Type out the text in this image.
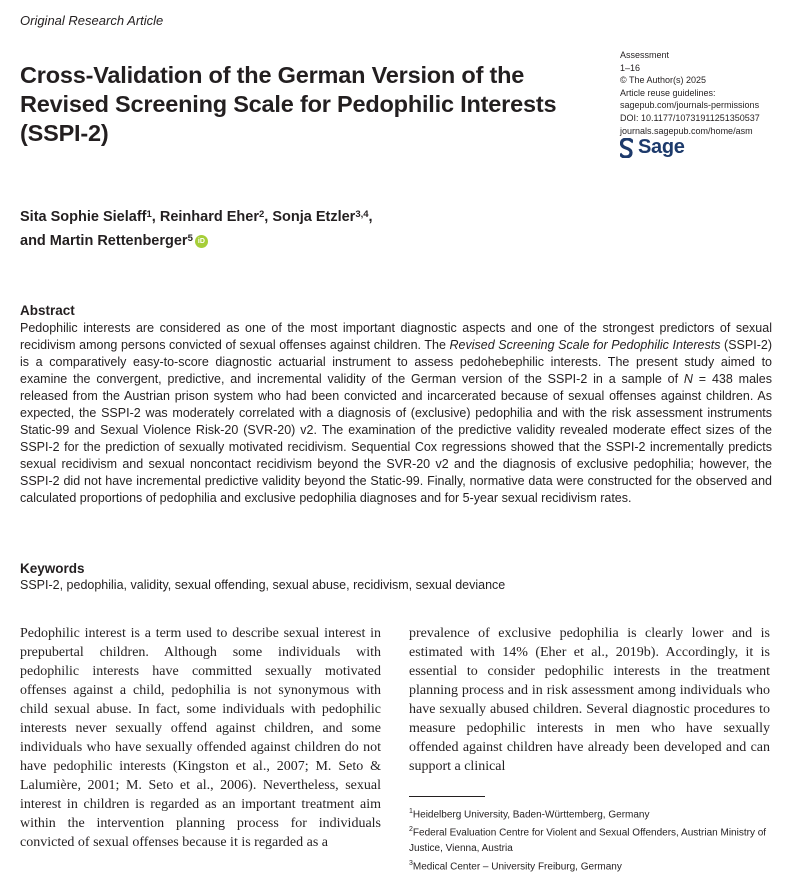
Original Research Article
Cross-Validation of the German Version of the Revised Screening Scale for Pedophilic Interests (SSPI-2)
Assessment
1–16
© The Author(s) 2025
Article reuse guidelines:
sagepub.com/journals-permissions
DOI: 10.1177/10731911251350537
journals.sagepub.com/home/asm
Sage
Sita Sophie Sielaff$^1$, Reinhard Eher$^2$, Sonja Etzler$^{3,4}$,
and Martin Rettenberger$^5$ iD
Abstract
Pedophilic interests are considered as one of the most important diagnostic aspects and one of the strongest predictors of sexual recidivism among persons convicted of sexual offenses against children. The Revised Screening Scale for Pedophilic Interests (SSPI-2) is a comparatively easy-to-score diagnostic actuarial instrument to assess pedohebephilic interests. The present study aimed to examine the convergent, predictive, and incremental validity of the German version of the SSPI-2 in a sample of N = 438 males released from the Austrian prison system who had been convicted and incarcerated because of sexual offenses against children. As expected, the SSPI-2 was moderately correlated with a diagnosis of (exclusive) pedophilia and with the risk assessment instruments Static-99 and Sexual Violence Risk-20 (SVR-20) v2. The examination of the predictive validity revealed moderate effect sizes of the SSPI-2 for the prediction of sexually motivated recidivism. Sequential Cox regressions showed that the SSPI-2 incrementally predicts sexual recidivism and sexual noncontact recidivism beyond the SVR-20 v2 and the diagnosis of exclusive pedophilia; however, the SSPI-2 did not have incremental predictive validity beyond the Static-99. Finally, normative data were constructed for the observed and calculated proportions of pedophilia and exclusive pedophilia diagnoses and for 5-year sexual recidivism rates.
Keywords
SSPI-2, pedophilia, validity, sexual offending, sexual abuse, recidivism, sexual deviance
Pedophilic interest is a term used to describe sexual interest in prepubertal children. Although some individuals with pedophilic interests have committed sexually motivated offenses against a child, pedophilia is not synonymous with child sexual abuse. In fact, some individuals with pedophilic interests never sexually offend against children, and some individuals who have sexually offended against children do not have pedophilic interests (Kingston et al., 2007; M. Seto & Lalumière, 2001; M. Seto et al., 2006). Nevertheless, sexual interest in children is regarded as an important treatment aim within the intervention planning process for individuals convicted of sexual offenses because it is regarded as a
prevalence of exclusive pedophilia is clearly lower and is estimated with 14% (Eher et al., 2019b). Accordingly, it is essential to consider pedophilic interests in the treatment planning process and in risk assessment among individuals who have sexually abused children. Several diagnostic procedures to measure pedophilic interests in men who have sexually offended against children have already been developed and can support a clinical
$^1$Heidelberg University, Baden-Württemberg, Germany
$^2$Federal Evaluation Centre for Violent and Sexual Offenders, Austrian Ministry of Justice, Vienna, Austria
$^3$Medical Center – University Freiburg, Germany
